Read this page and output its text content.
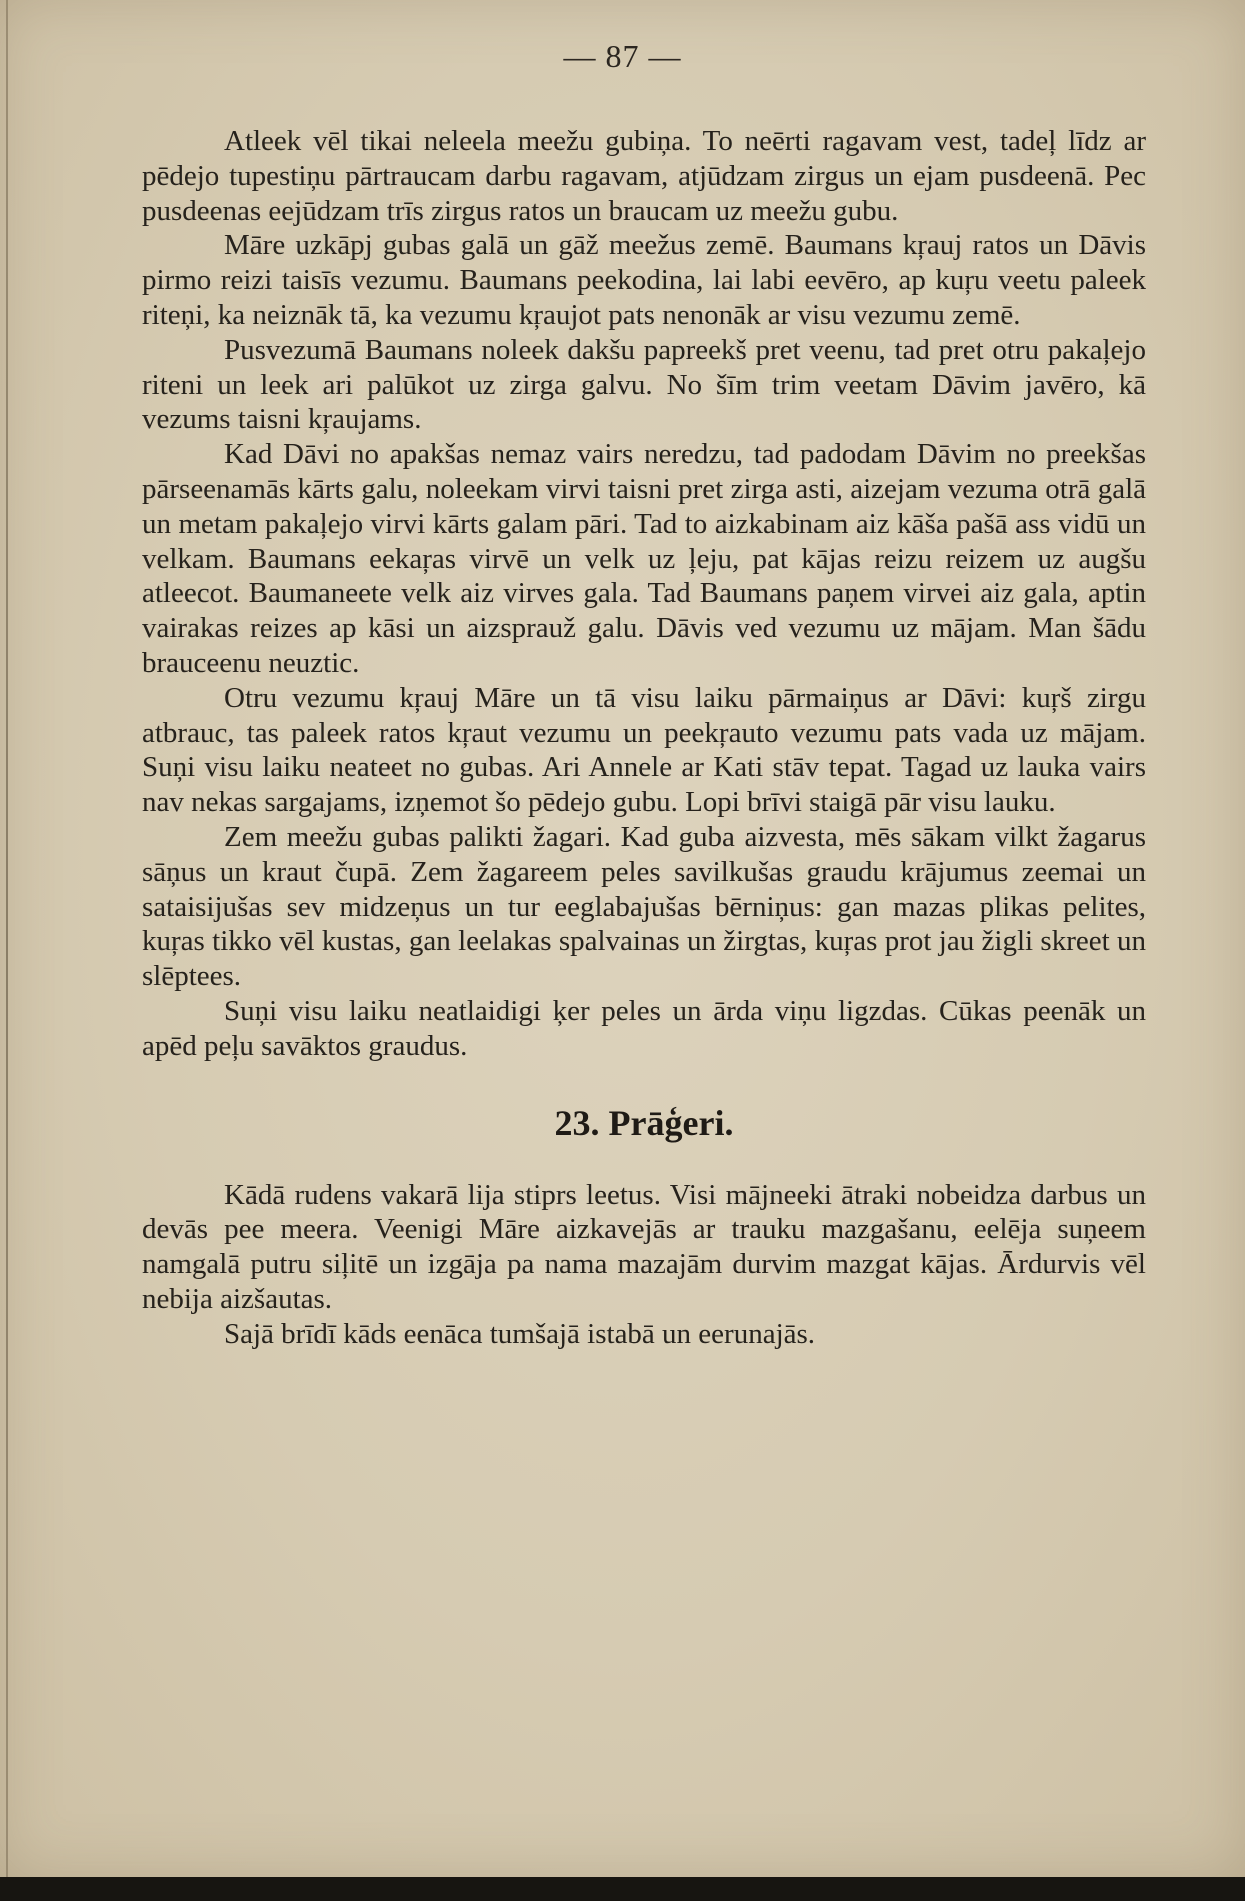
— 87 —

Atleek vēl tikai neleela meežu gubiņa. To neērti ragavam vest, tadeļ līdz ar pēdejo tupestiņu pārtraucam darbu ragavam, atjūdzam zirgus un ejam pusdeenā. Pec pusdeenas eejūdzam trīs zirgus ratos un braucam uz meežu gubu.

Māre uzkāpj gubas galā un gāž meežus zemē. Baumans kŗauj ratos un Dāvis pirmo reizi taisīs vezumu. Baumans peekodina, lai labi eevēro, ap kuŗu veetu paleek riteņi, ka neiznāk tā, ka vezumu kŗaujot pats nenonāk ar visu vezumu zemē.

Pusvezumā Baumans noleek dakšu papreekš pret veenu, tad pret otru pakaļejo riteni un leek ari palūkot uz zirga galvu. No šīm trim veetam Dāvim javēro, kā vezums taisni kŗaujams.

Kad Dāvi no apakšas nemaz vairs neredzu, tad padodam Dāvim no preekšas pārseenamās kārts galu, noleekam virvi taisni pret zirga asti, aizejam vezuma otrā galā un metam pakaļejo virvi kārts galam pāri. Tad to aizkabinam aiz kāša pašā ass vidū un velkam. Baumans eekaŗas virvē un velk uz ļeju, pat kājas reizu reizem uz augšu atleecot. Baumaneete velk aiz virves gala. Tad Baumans paņem virvei aiz gala, aptin vairakas reizes ap kāsi un aizsprauž galu. Dāvis ved vezumu uz mājam. Man šādu brauceenu neuztic.

Otru vezumu kŗauj Māre un tā visu laiku pārmaiņus ar Dāvi: kuŗš zirgu atbrauc, tas paleek ratos kŗaut vezumu un peekŗauto vezumu pats vada uz mājam. Suņi visu laiku neateet no gubas. Ari Annele ar Kati stāv tepat. Tagad uz lauka vairs nav nekas sargajams, izņemot šo pēdejo gubu. Lopi brīvi staigā pār visu lauku.

Zem meežu gubas palikti žagari. Kad guba aizvesta, mēs sākam vilkt žagarus sāņus un kraut čupā. Zem žagareem peles savilkušas graudu krājumus zeemai un sataisijušas sev midzeņus un tur eeglabajušas bērniņus: gan mazas plikas pelites, kuŗas tikko vēl kustas, gan leelakas spalvainas un žirgtas, kuŗas prot jau žigli skreet un slēptees.

Suņi visu laiku neatlaidigi ķer peles un ārda viņu ligzdas. Cūkas peenāk un apēd peļu savāktos graudus.

23. Prāģeri.

Kādā rudens vakarā lija stiprs leetus. Visi mājneeki ātraki nobeidza darbus un devās pee meera. Veenigi Māre aizkavejās ar trauku mazgašanu, eelēja suņeem namgalā putru siļitē un izgāja pa nama mazajām durvim mazgat kājas. Ārdurvis vēl nebija aizšautas.

Sajā brīdī kāds eenāca tumšajā istabā un eerunajās.
